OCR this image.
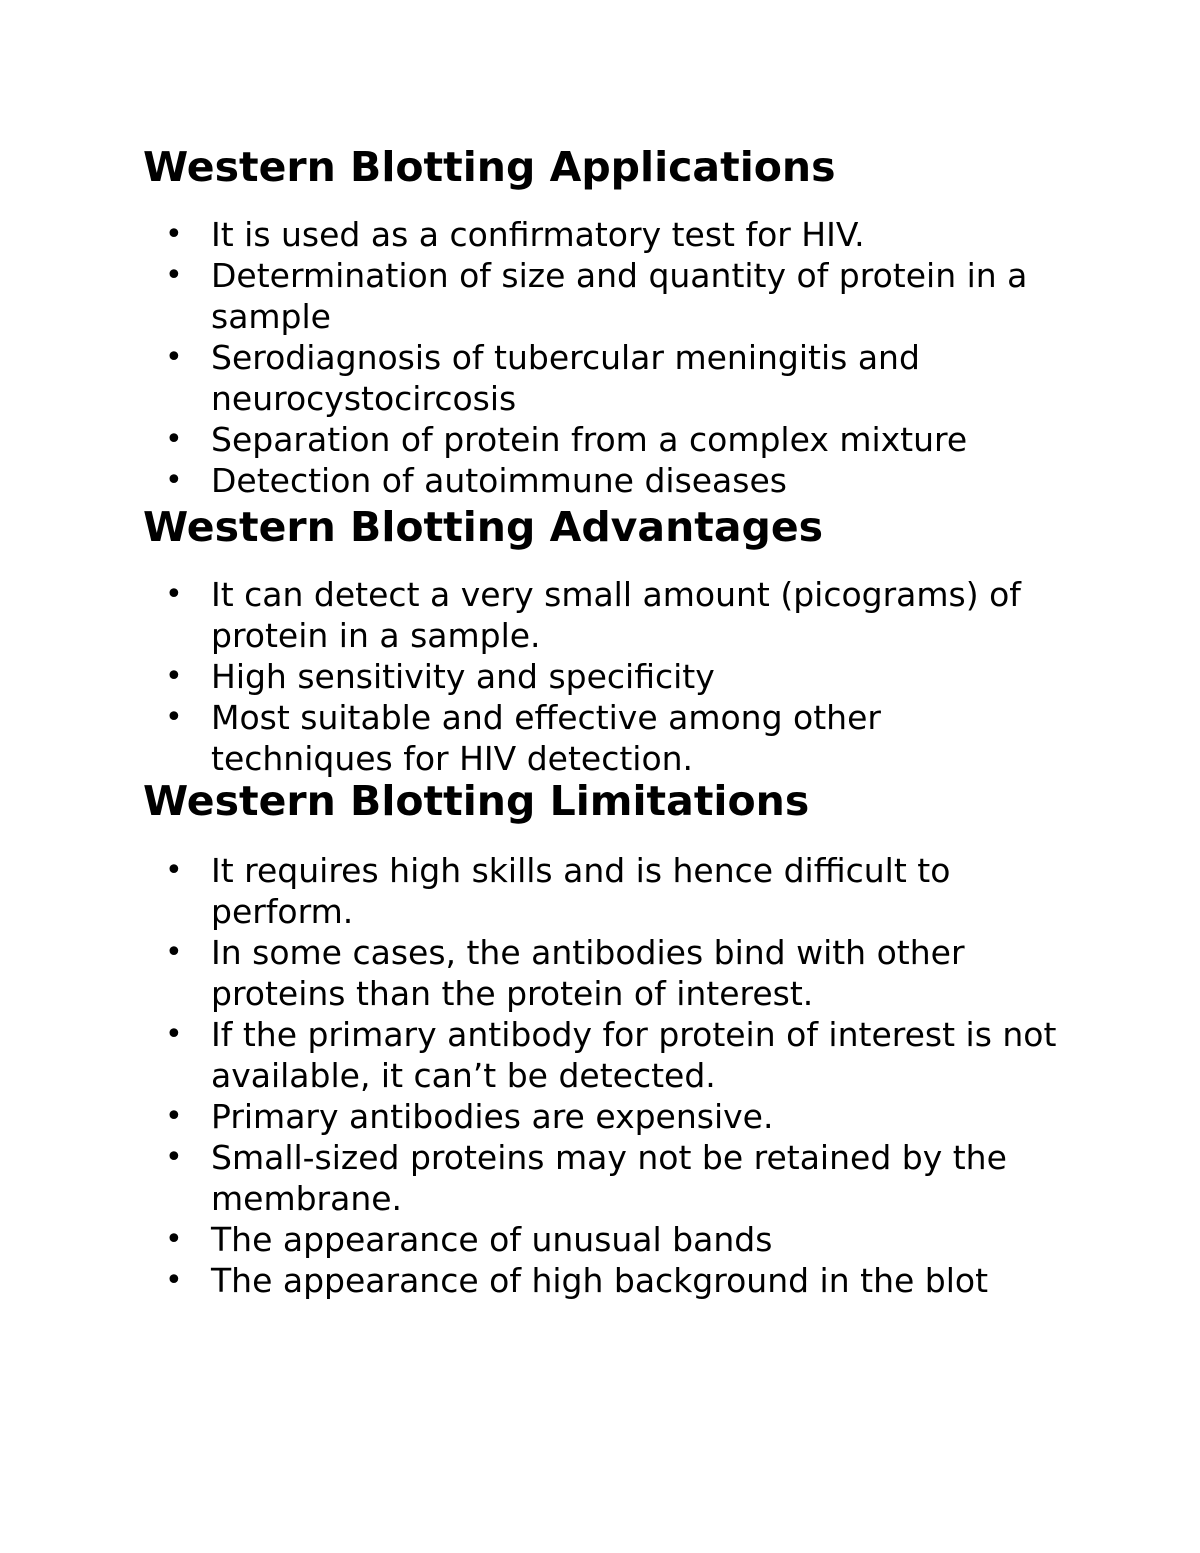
Western Blotting Applications
• It is used as a confirmatory test for HIV.
• Determination of size and quantity of protein in a sample
• Serodiagnosis of tubercular meningitis and neurocystocircosis
• Separation of protein from a complex mixture
• Detection of autoimmune diseases
Western Blotting Advantages
• It can detect a very small amount (picograms) of protein in a sample.
• High sensitivity and specificity
• Most suitable and effective among other techniques for HIV detection.
Western Blotting Limitations
• It requires high skills and is hence difficult to perform.
• In some cases, the antibodies bind with other proteins than the protein of interest.
• If the primary antibody for protein of interest is not available, it can’t be detected.
• Primary antibodies are expensive.
• Small-sized proteins may not be retained by the membrane.
• The appearance of unusual bands
• The appearance of high background in the blot
